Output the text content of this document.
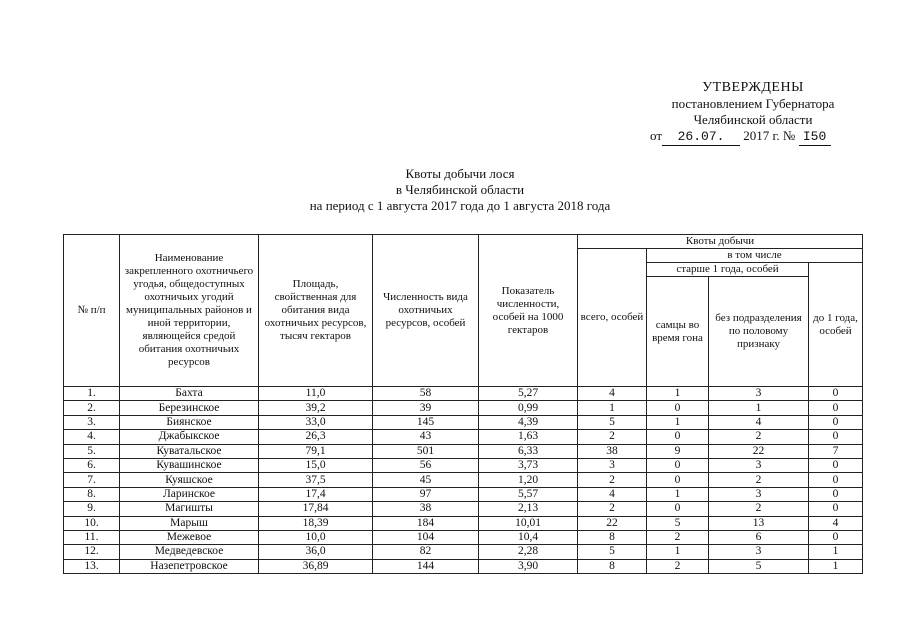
УТВЕРЖДЕНЫ
постановлением Губернатора
Челябинской области
от 26.07. 2017 г. № I50
Квоты добычи лося
в Челябинской области
на период с 1 августа 2017 года до 1 августа 2018 года
№ п/п	Наименование закрепленного охотничьего угодья, общедоступных охотничьих угодий муниципальных районов и иной территории, являющейся средой обитания охотничьих ресурсов	Площадь, свойственная для обитания вида охотничьих ресурсов, тысяч гектаров	Численность вида охотничьих ресурсов, особей	Показатель численности, особей на 1000 гектаров	Квоты добычи			
					всего, особей	в том числе		
						старше 1 года, особей		до 1 года, особей
						самцы во время гона	без подразделения по половому признаку	
1.	Бахта	11,0	58	5,27	4	1	3	0
2.	Березинское	39,2	39	0,99	1	0	1	0
3.	Биянское	33,0	145	4,39	5	1	4	0
4.	Джабыкское	26,3	43	1,63	2	0	2	0
5.	Куватальское	79,1	501	6,33	38	9	22	7
6.	Кувашинское	15,0	56	3,73	3	0	3	0
7.	Куяшское	37,5	45	1,20	2	0	2	0
8.	Ларинское	17,4	97	5,57	4	1	3	0
9.	Магишты	17,84	38	2,13	2	0	2	0
10.	Марыш	18,39	184	10,01	22	5	13	4
11.	Межевое	10,0	104	10,4	8	2	6	0
12.	Медведевское	36,0	82	2,28	5	1	3	1
13.	Назепетровское	36,89	144	3,90	8	2	5	1
